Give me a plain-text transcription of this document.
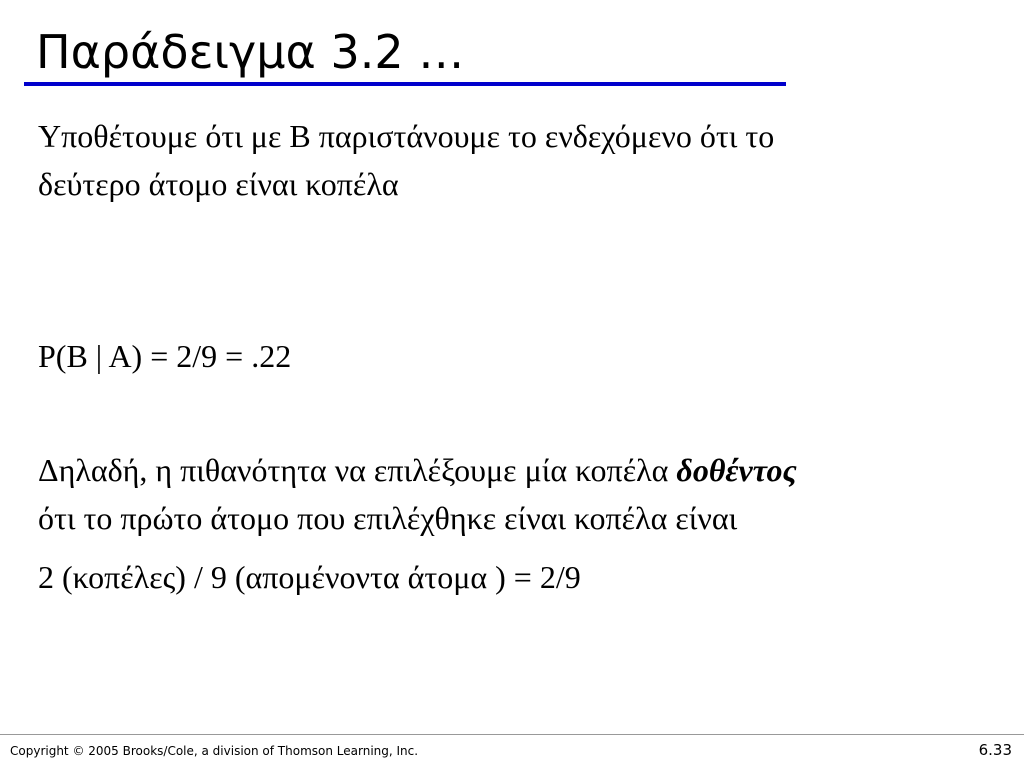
Παράδειγμα 3.2 …

Υποθέτουμε ότι με B παριστάνουμε το ενδεχόμενο ότι το
δεύτερο άτομο είναι κοπέλα

P(B | A) = 2/9 = .22

Δηλαδή, η πιθανότητα να επιλέξουμε μία κοπέλα δοθέντος
ότι το πρώτο άτομο που επιλέχθηκε είναι κοπέλα είναι

2 (κοπέλες) / 9 (απομένοντα άτομα ) = 2/9

Copyright © 2005 Brooks/Cole, a division of Thomson Learning, Inc.	6.33
